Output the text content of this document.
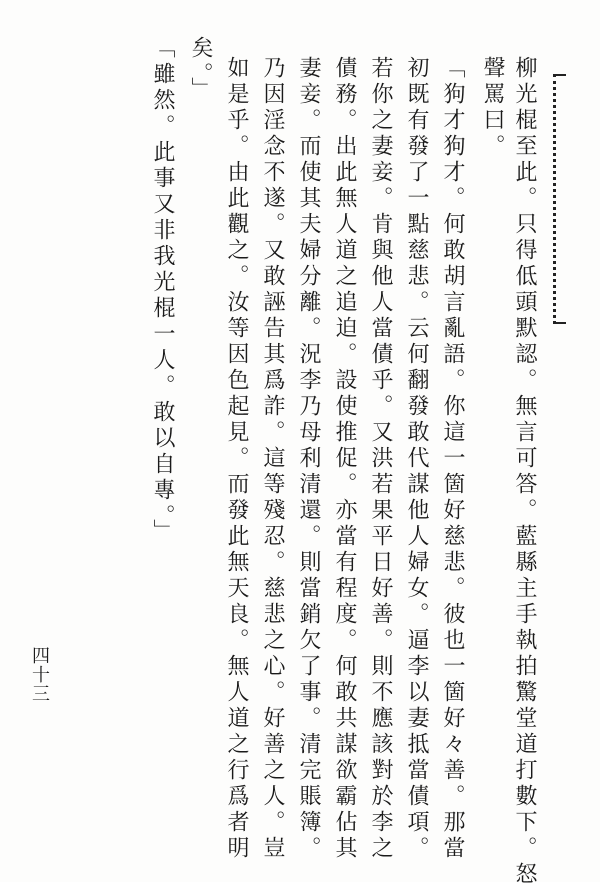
柳光棍至此。只得低頭默認。無言可答。藍縣主手執拍驚堂道打數下。怒
聲罵曰。
「狗才狗才。何敢胡言亂語。你這一箇好慈悲。彼也一箇好々善。那當
初既有發了一點慈悲。云何翻發敢代謀他人婦女。逼李以妻抵當債項。
若你之妻妾。肯與他人當債乎。又洪若果平日好善。則不應該對於李之
債務。出此無人道之追迫。設使推促。亦當有程度。何敢共謀欲霸佔其
妻妾。而使其夫婦分離。況李乃母利清還。則當銷欠了事。清完賬簿。
乃因淫念不遂。又敢誣告其爲詐。這等殘忍。慈悲之心。好善之人。豈
如是乎。由此觀之。汝等因色起見。而發此無天良。無人道之行爲者明
矣。」
「雖然。此事又非我光棍一人。敢以自專。」
四十三
